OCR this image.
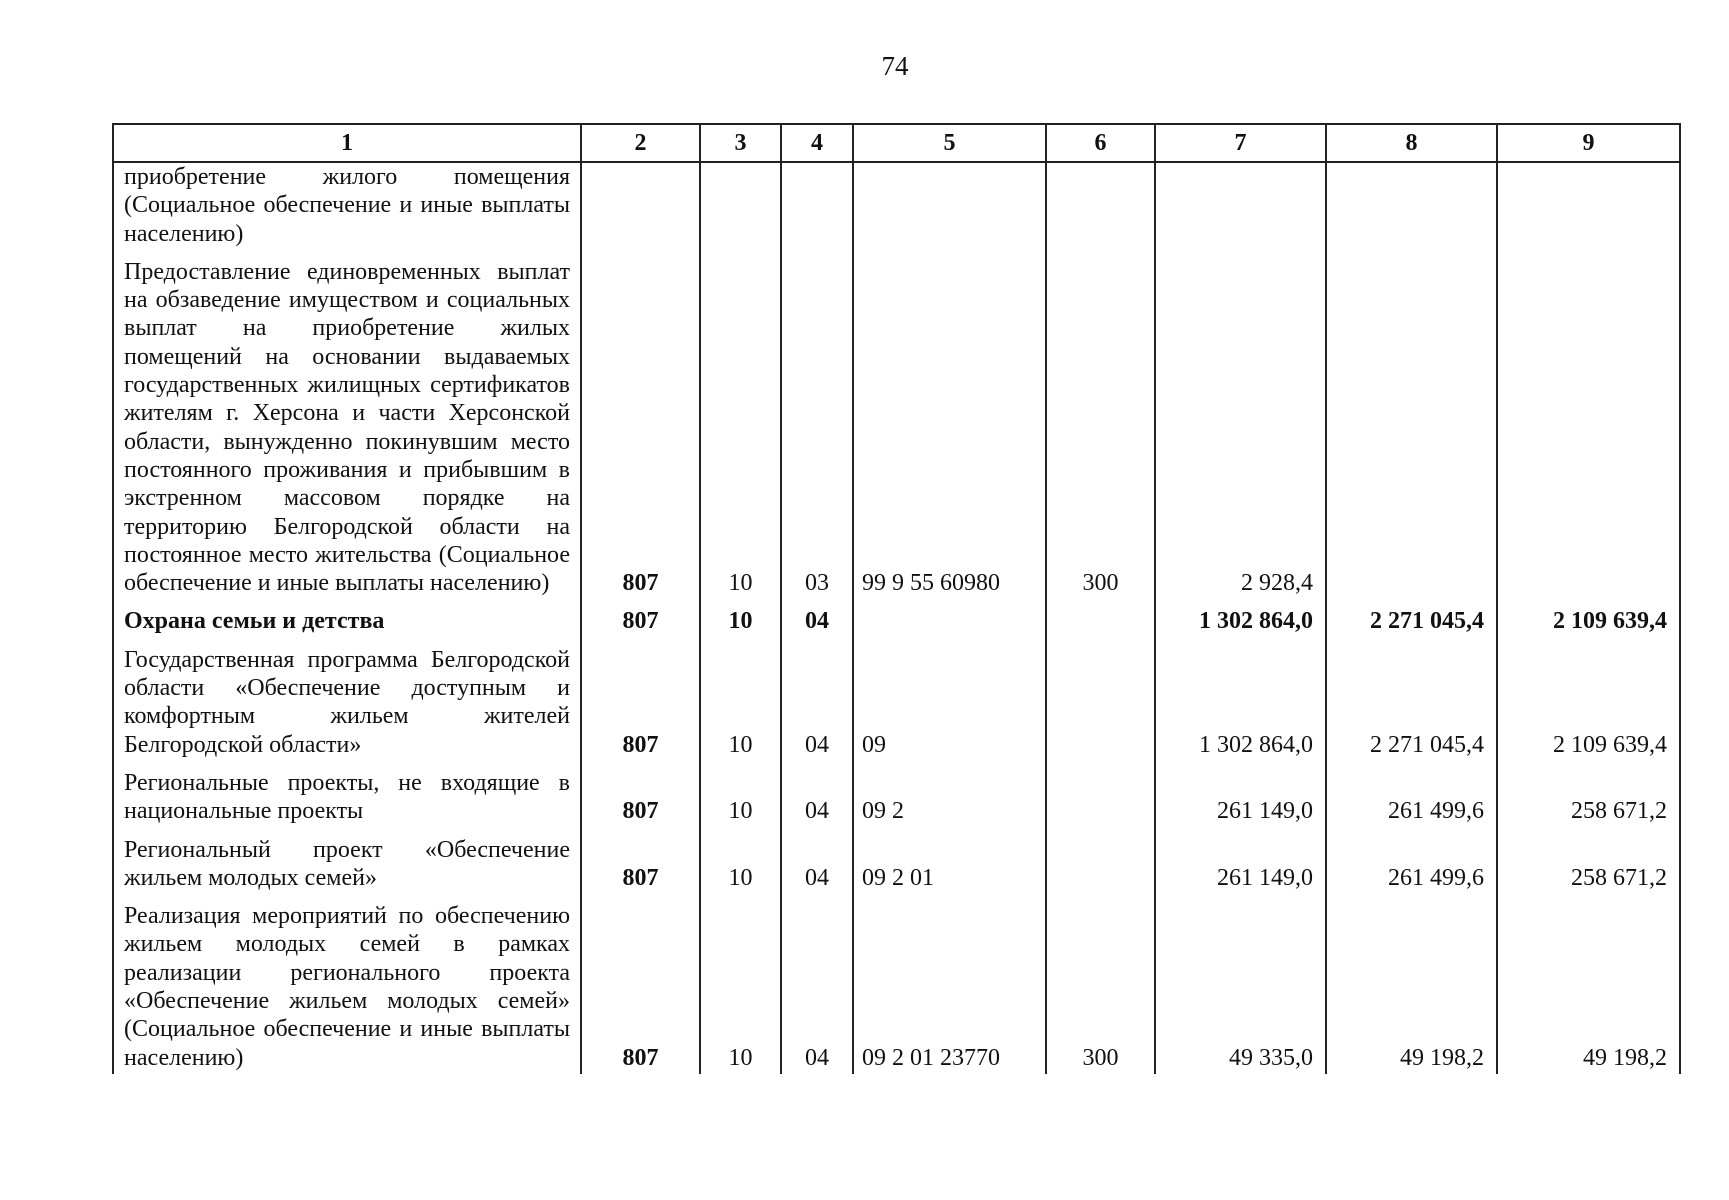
74
1	2	3	4	5	6	7	8	9
приобретение жилого помещения (Социальное обеспечение и иные выплаты населению)								
Предоставление единовременных выплат на обзаведение имуществом и социальных выплат на приобретение жилых помещений на основании выдаваемых государственных жилищных сертификатов жителям г. Херсона и части Херсонской области, вынужденно покинувшим место постоянного проживания и прибывшим в экстренном массовом порядке на территорию Белгородской области на постоянное место жительства (Социальное обеспечение и иные выплаты населению)	807	10	03	99 9 55 60980	300	2 928,4		
Охрана семьи и детства	807	10	04			1 302 864,0	2 271 045,4	2 109 639,4
Государственная программа Белгородской области «Обеспечение доступным и комфортным жильем жителей Белгородской области»	807	10	04	09		1 302 864,0	2 271 045,4	2 109 639,4
Региональные проекты, не входящие в национальные проекты	807	10	04	09 2		261 149,0	261 499,6	258 671,2
Региональный проект «Обеспечение жильем молодых семей»	807	10	04	09 2 01		261 149,0	261 499,6	258 671,2
Реализация мероприятий по обеспечению жильем молодых семей в рамках реализации регионального проекта «Обеспечение жильем молодых семей» (Социальное обеспечение и иные выплаты населению)	807	10	04	09 2 01 23770	300	49 335,0	49 198,2	49 198,2
